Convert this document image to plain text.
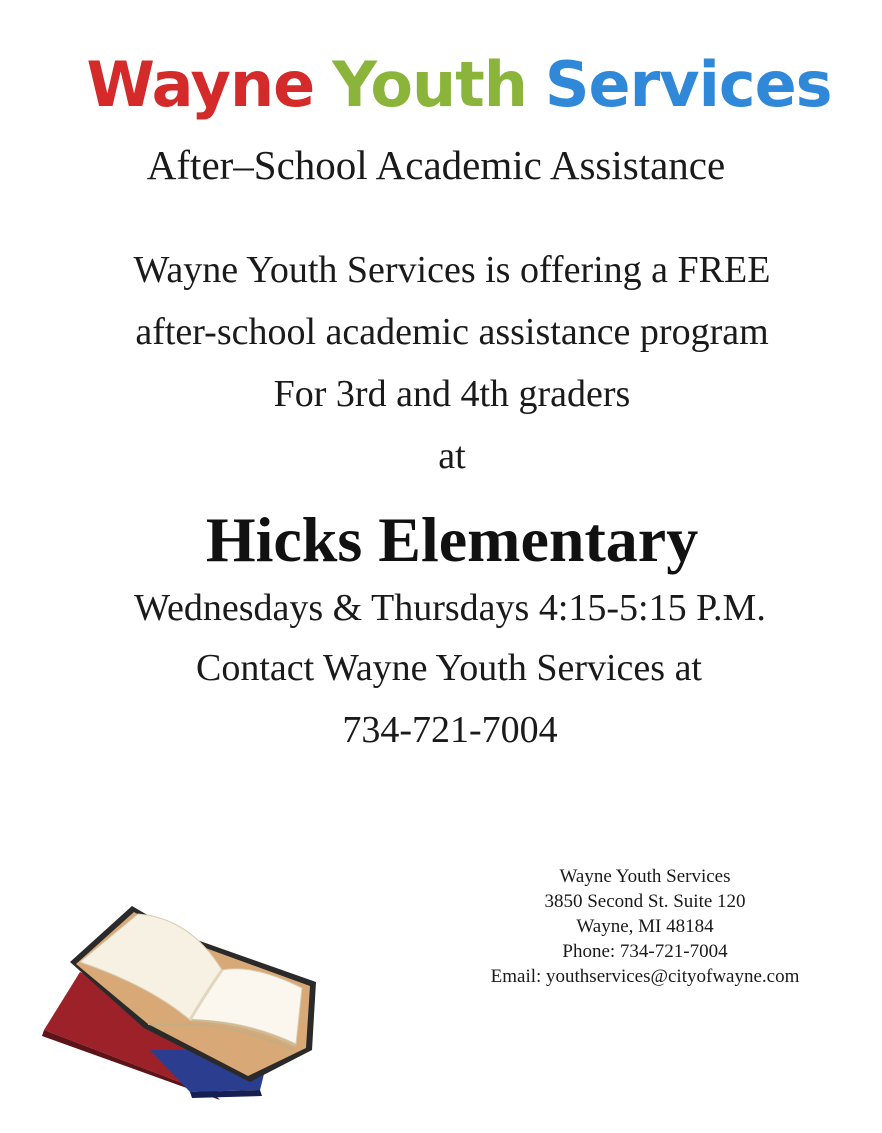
Wayne Youth Services
After–School Academic Assistance
Wayne Youth Services is offering a FREE
after-school academic assistance program
For 3rd and 4th graders
at
Hicks Elementary
Wednesdays & Thursdays 4:15-5:15 P.M.
Contact Wayne Youth Services at
734-721-7004
Wayne Youth Services
3850 Second St. Suite 120
Wayne, MI 48184
Phone: 734-721-7004
Email: youthservices@cityofwayne.com
